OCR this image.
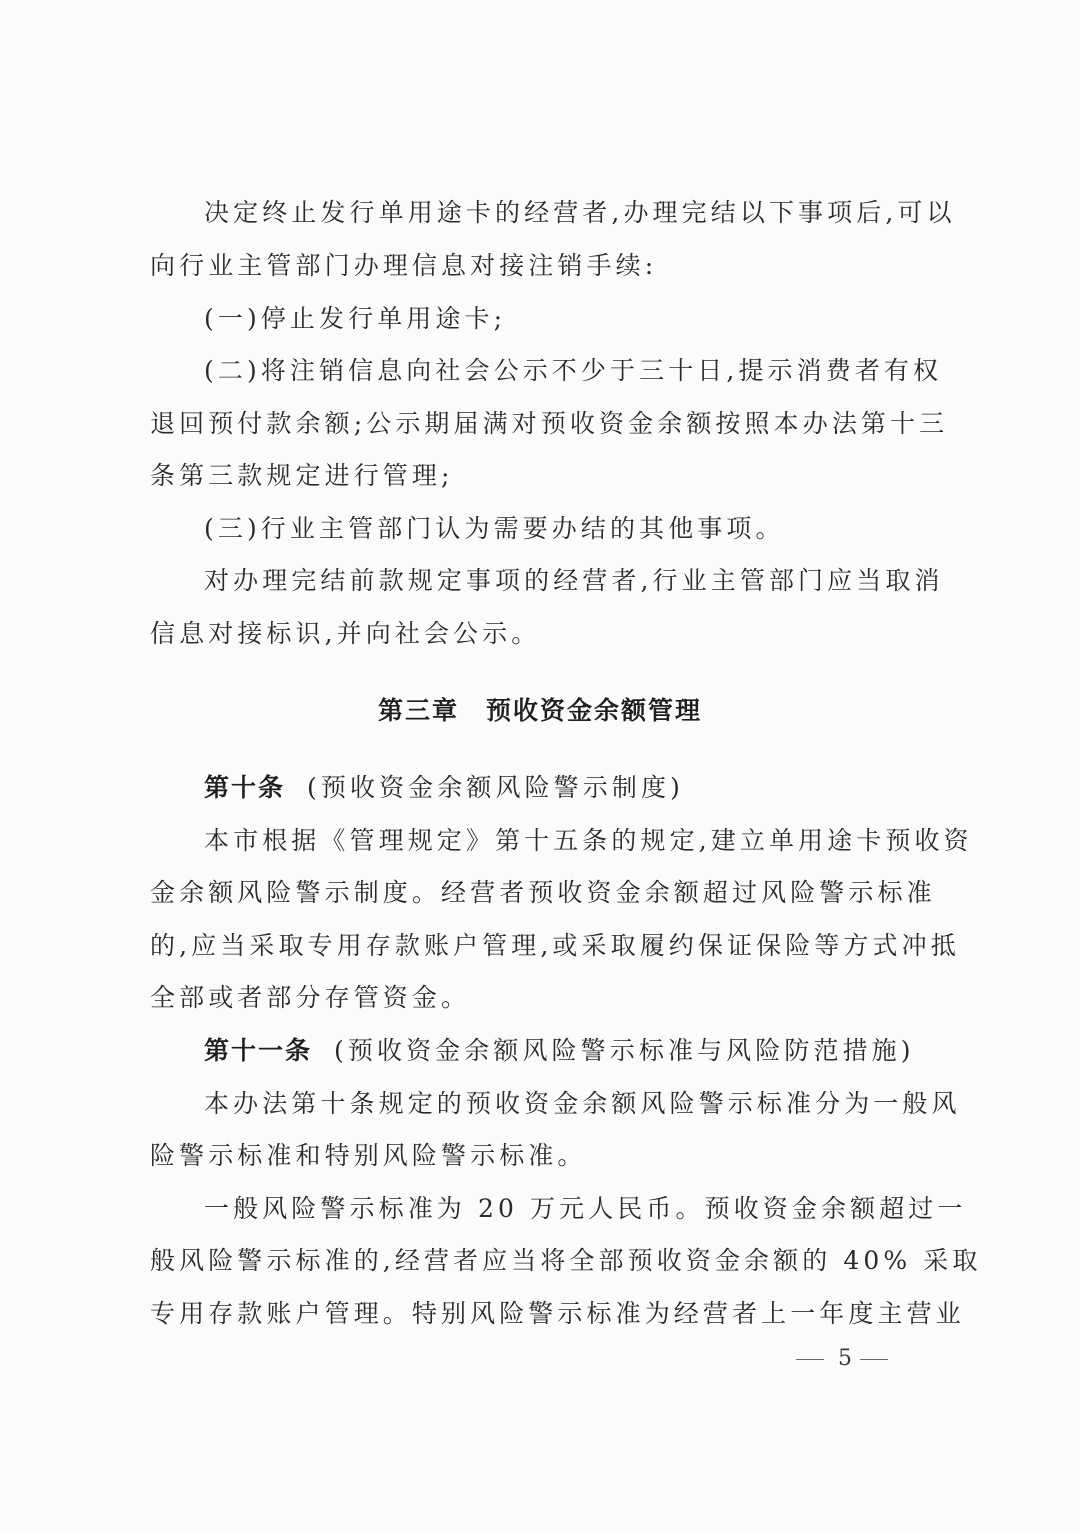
决定终止发行单用途卡的经营者,办理完结以下事项后,可以
向行业主管部门办理信息对接注销手续:
(一)停止发行单用途卡;
(二)将注销信息向社会公示不少于三十日,提示消费者有权
退回预付款余额;公示期届满对预收资金余额按照本办法第十三
条第三款规定进行管理;
(三)行业主管部门认为需要办结的其他事项。
对办理完结前款规定事项的经营者,行业主管部门应当取消
信息对接标识,并向社会公示。
第三章　预收资金余额管理
第十条 (预收资金余额风险警示制度)
本市根据《管理规定》第十五条的规定,建立单用途卡预收资
金余额风险警示制度。经营者预收资金余额超过风险警示标准
的,应当采取专用存款账户管理,或采取履约保证保险等方式冲抵
全部或者部分存管资金。
第十一条 (预收资金余额风险警示标准与风险防范措施)
本办法第十条规定的预收资金余额风险警示标准分为一般风
险警示标准和特别风险警示标准。
一般风险警示标准为 20 万元人民币。预收资金余额超过一
般风险警示标准的,经营者应当将全部预收资金余额的 40% 采取
专用存款账户管理。特别风险警示标准为经营者上一年度主营业
5
